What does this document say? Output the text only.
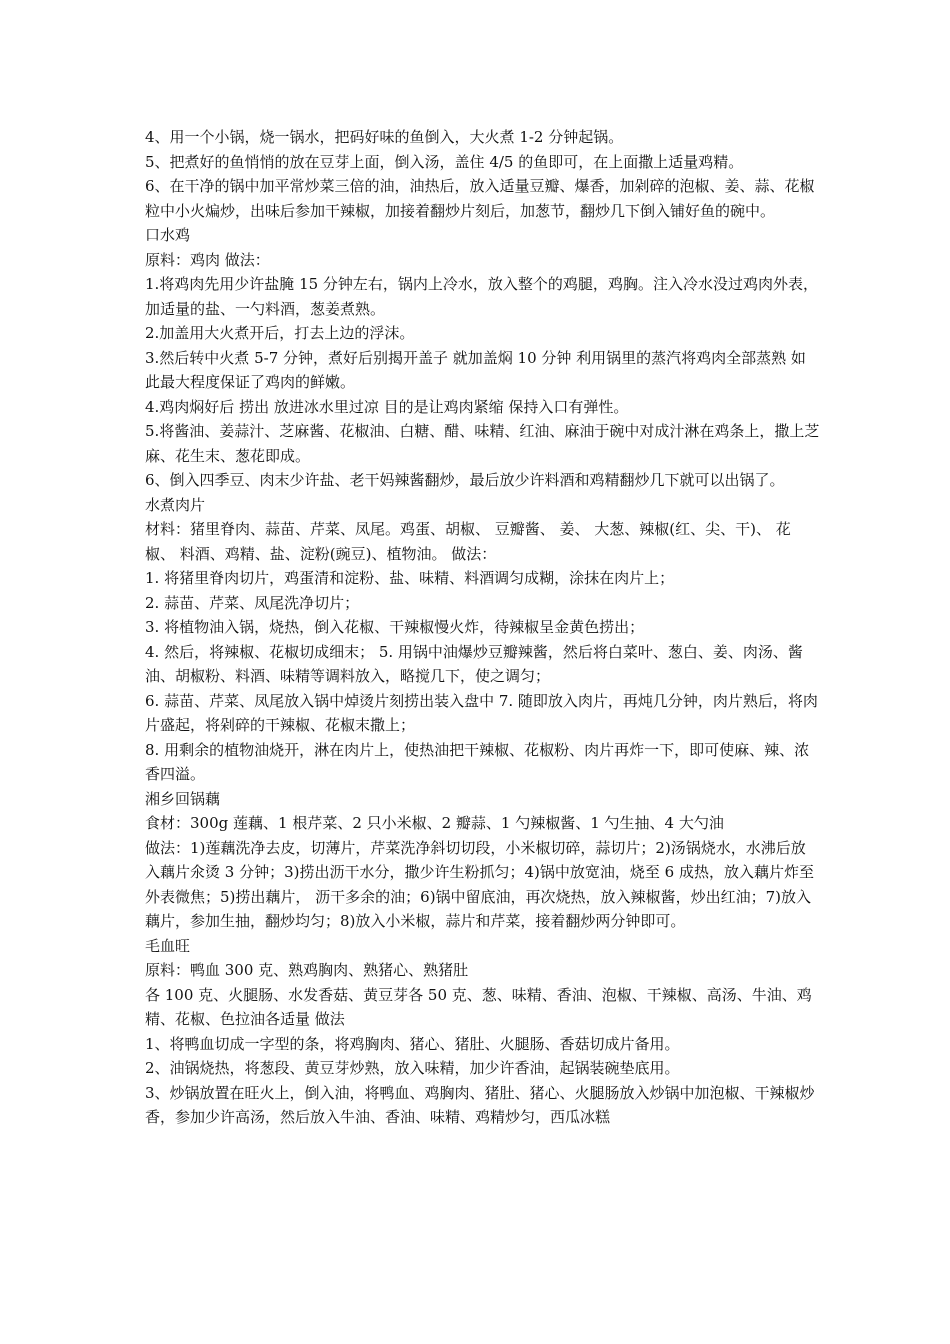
4、用一个小锅，烧一锅水，把码好味的鱼倒入，大火煮 1-2 分钟起锅。

5、把煮好的鱼悄悄的放在豆芽上面，倒入汤，盖住 4/5 的鱼即可，在上面撒上适量鸡精。

6、在干净的锅中加平常炒菜三倍的油，油热后，放入适量豆瓣、爆香，加剁碎的泡椒、姜、蒜、花椒粒中小火煸炒，出味后参加干辣椒，加接着翻炒片刻后，加葱节，翻炒几下倒入铺好鱼的碗中。

口水鸡

原料：鸡肉 做法：

1.将鸡肉先用少许盐腌 15 分钟左右，锅内上冷水，放入整个的鸡腿，鸡胸。注入冷水没过鸡肉外表，加适量的盐、一勺料酒，葱姜煮熟。

2.加盖用大火煮开后，打去上边的浮沫。

3.然后转中火煮 5-7 分钟，煮好后别揭开盖子 就加盖焖 10 分钟 利用锅里的蒸汽将鸡肉全部蒸熟 如此最大程度保证了鸡肉的鲜嫩。

4.鸡肉焖好后 捞出 放进冰水里过凉 目的是让鸡肉紧缩 保持入口有弹性。

5.将酱油、姜蒜汁、芝麻酱、花椒油、白糖、醋、味精、红油、麻油于碗中对成汁淋在鸡条上，撒上芝麻、花生末、葱花即成。

6、倒入四季豆、肉末少许盐、老干妈辣酱翻炒，最后放少许料酒和鸡精翻炒几下就可以出锅了。

水煮肉片

材料：猪里脊肉、蒜苗、芹菜、凤尾。鸡蛋、胡椒、 豆瓣酱、 姜、 大葱、辣椒(红、尖、干)、 花椒、 料酒、鸡精、盐、淀粉(豌豆)、植物油。 做法：

1. 将猪里脊肉切片，鸡蛋清和淀粉、盐、味精、料酒调匀成糊，涂抹在肉片上；

2. 蒜苗、芹菜、凤尾洗净切片；

3. 将植物油入锅，烧热，倒入花椒、干辣椒慢火炸，待辣椒呈金黄色捞出；

4. 然后，将辣椒、花椒切成细末； 5. 用锅中油爆炒豆瓣辣酱，然后将白菜叶、葱白、姜、肉汤、酱油、胡椒粉、料酒、味精等调料放入，略搅几下，使之调匀；

6. 蒜苗、芹菜、凤尾放入锅中焯烫片刻捞出装入盘中 7. 随即放入肉片，再炖几分钟，肉片熟后，将肉片盛起，将剁碎的干辣椒、花椒末撒上；

8. 用剩余的植物油烧开，淋在肉片上，使热油把干辣椒、花椒粉、肉片再炸一下，即可使麻、辣、浓香四溢。

湘乡回锅藕

食材：300g 莲藕、1 根芹菜、2 只小米椒、2 瓣蒜、1 勺辣椒酱、1 勺生抽、4 大勺油

做法：1)莲藕洗净去皮，切薄片，芹菜洗净斜切切段，小米椒切碎，蒜切片；2)汤锅烧水，水沸后放入藕片氽烫 3 分钟；3)捞出沥干水分，撒少许生粉抓匀；4)锅中放宽油，烧至 6 成热，放入藕片炸至外表微焦；5)捞出藕片， 沥干多余的油；6)锅中留底油，再次烧热，放入辣椒酱，炒出红油；7)放入藕片，参加生抽，翻炒均匀；8)放入小米椒，蒜片和芹菜，接着翻炒两分钟即可。

毛血旺

原料：鸭血 300 克、熟鸡胸肉、熟猪心、熟猪肚

各 100 克、火腿肠、水发香菇、黄豆芽各 50 克、葱、味精、香油、泡椒、干辣椒、高汤、牛油、鸡精、花椒、色拉油各适量 做法

1、将鸭血切成一字型的条，将鸡胸肉、猪心、猪肚、火腿肠、香菇切成片备用。

2、油锅烧热，将葱段、黄豆芽炒熟，放入味精，加少许香油，起锅装碗垫底用。

3、炒锅放置在旺火上，倒入油，将鸭血、鸡胸肉、猪肚、猪心、火腿肠放入炒锅中加泡椒、干辣椒炒香，参加少许高汤，然后放入牛油、香油、味精、鸡精炒匀，西瓜冰糕
